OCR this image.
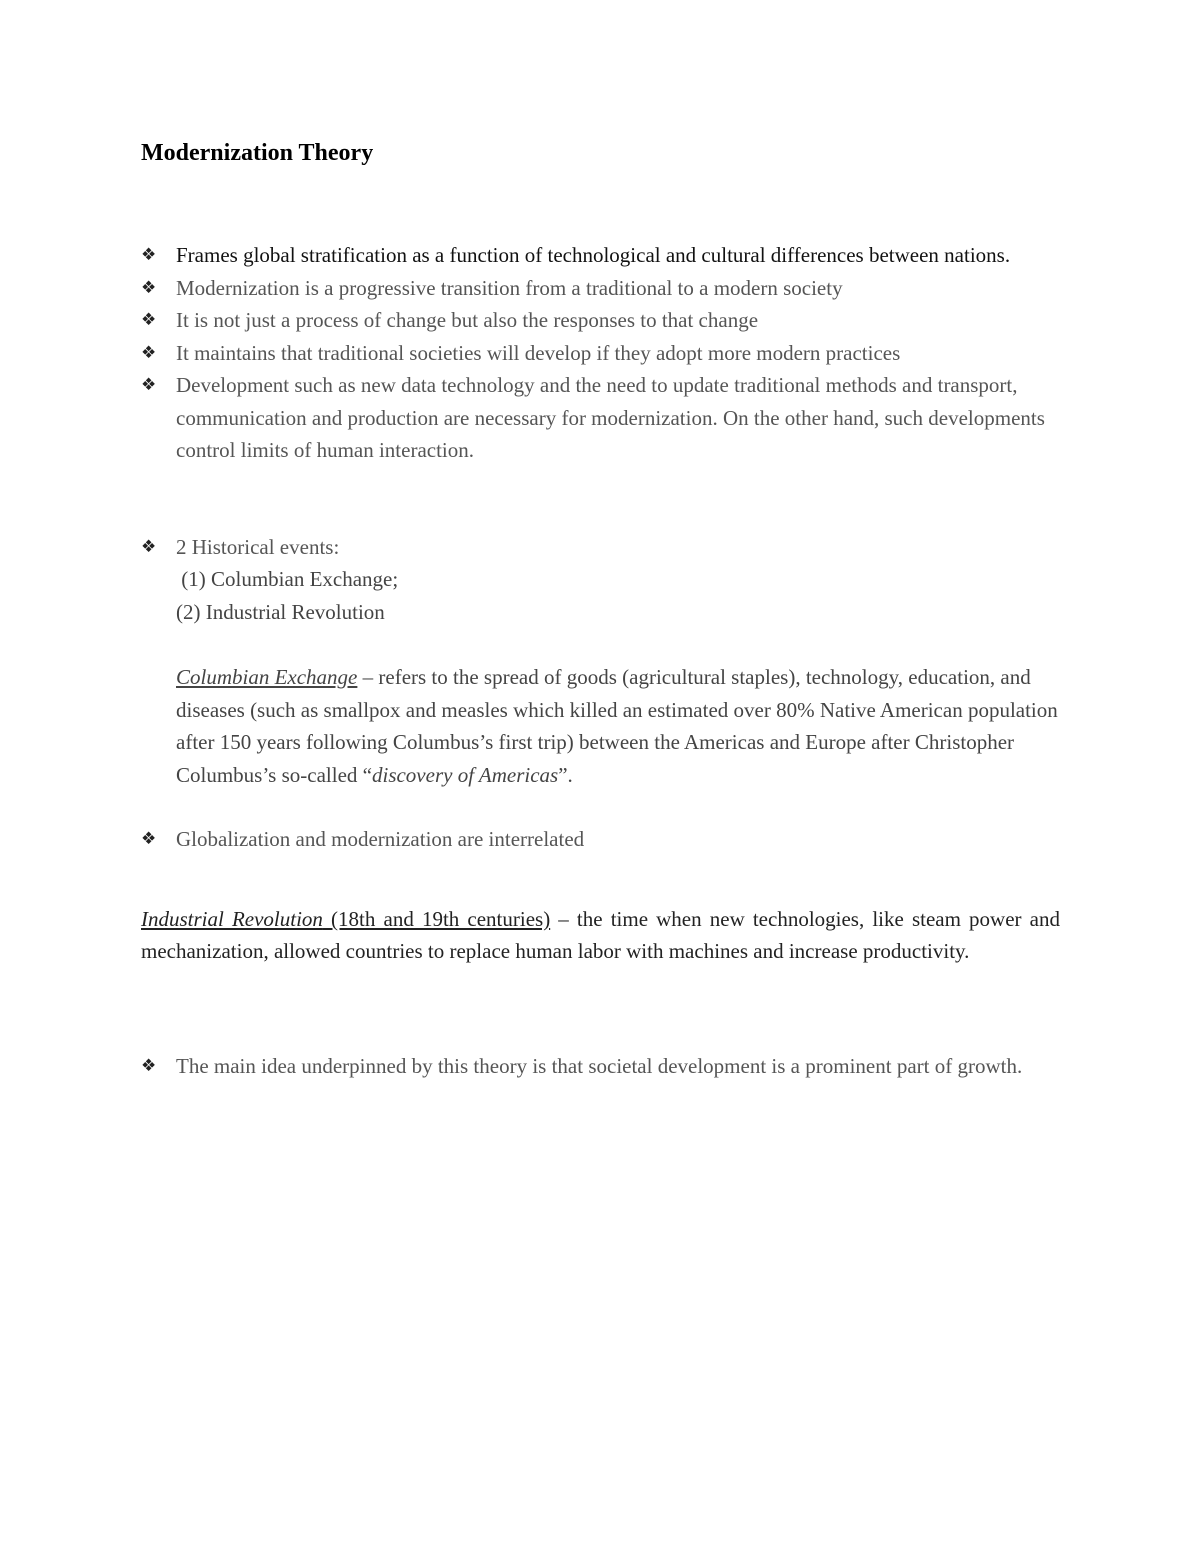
Modernization Theory
❖ Frames global stratification as a function of technological and cultural differences between nations.
❖ Modernization is a progressive transition from a traditional to a modern society
❖ It is not just a process of change but also the responses to that change
❖ It maintains that traditional societies will develop if they adopt more modern practices
❖ Development such as new data technology and the need to update traditional methods and transport, communication and production are necessary for modernization. On the other hand, such developments control limits of human interaction.
❖ 2 Historical events:
(1) Columbian Exchange;
(2) Industrial Revolution

Columbian Exchange – refers to the spread of goods (agricultural staples), technology, education, and diseases (such as smallpox and measles which killed an estimated over 80% Native American population after 150 years following Columbus’s first trip) between the Americas and Europe after Christopher Columbus’s so-called “discovery of Americas”.

❖ Globalization and modernization are interrelated

Industrial Revolution (18th and 19th centuries) – the time when new technologies, like steam power and mechanization, allowed countries to replace human labor with machines and increase productivity.

❖ The main idea underpinned by this theory is that societal development is a prominent part of growth.
